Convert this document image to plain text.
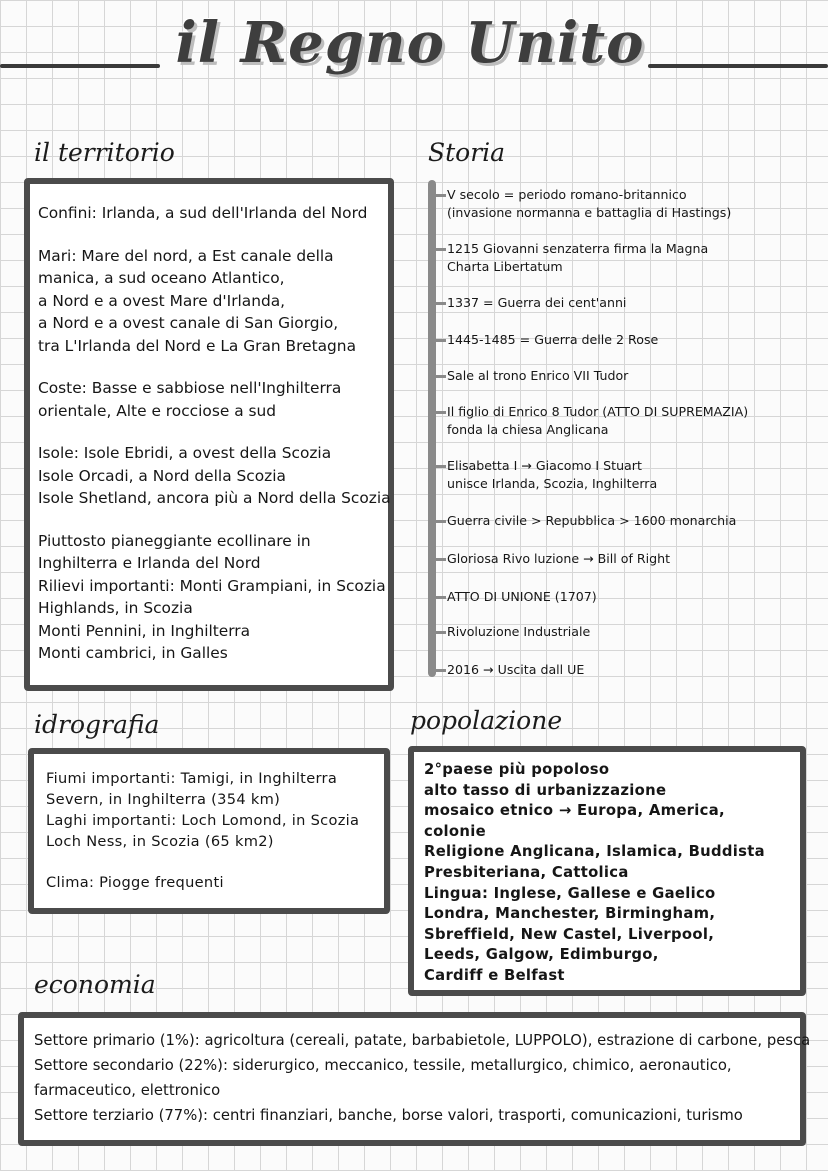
il Regno Unito
il territorio

Confini: Irlanda, a sud dell'Irlanda del Nord

Mari: Mare del nord, a Est canale della

manica, a sud oceano Atlantico,

a Nord e a ovest Mare d'Irlanda,

a Nord e a ovest canale di San Giorgio,

tra L'Irlanda del Nord e La Gran Bretagna

Coste: Basse e sabbiose nell'Inghilterra

orientale, Alte e rocciose a sud

Isole: Isole Ebridi, a ovest della Scozia

Isole Orcadi, a Nord della Scozia

Isole Shetland, ancora più a Nord della Scozia

Piuttosto pianeggiante ecollinare in

Inghilterra e Irlanda del Nord

Rilievi importanti: Monti Grampiani, in Scozia

Highlands, in Scozia

Monti Pennini, in Inghilterra

Monti cambrici, in Galles

Storia
V secolo = periodo romano-britannico
(invasione normanna e battaglia di Hastings)
1215 Giovanni senzaterra firma la Magna
Charta Libertatum
1337 = Guerra dei cent'anni
1445-1485 = Guerra delle 2 Rose
Sale al trono Enrico VII Tudor
Il figlio di Enrico 8 Tudor (ATTO DI SUPREMAZIA)
fonda la chiesa Anglicana
Elisabetta I → Giacomo I Stuart
unisce Irlanda, Scozia, Inghilterra
Guerra civile > Repubblica > 1600 monarchia
Gloriosa Rivo luzione → Bill of Right
ATTO DI UNIONE (1707)
Rivoluzione Industriale
2016 → Uscita dall UE
idrografia

Fiumi importanti: Tamigi, in Inghilterra

Severn, in Inghilterra (354 km)

Laghi importanti: Loch Lomond, in Scozia

Loch Ness, in Scozia (65 km2)

Clima: Piogge frequenti

popolazione

2°paese più popoloso

alto tasso di urbanizzazione

mosaico etnico → Europa, America,

colonie

Religione Anglicana, Islamica, Buddista

Presbiteriana, Cattolica

Lingua: Inglese, Gallese e Gaelico

Londra, Manchester, Birmingham,

Sbreffield, New Castel, Liverpool,

Leeds, Galgow, Edimburgo,

Cardiff e Belfast

economia

Settore primario (1%): agricoltura (cereali, patate, barbabietole, LUPPOLO), estrazione di carbone, pesca

Settore secondario (22%): siderurgico, meccanico, tessile, metallurgico, chimico, aeronautico,

farmaceutico, elettronico

Settore terziario (77%): centri finanziari, banche, borse valori, trasporti, comunicazioni, turismo
